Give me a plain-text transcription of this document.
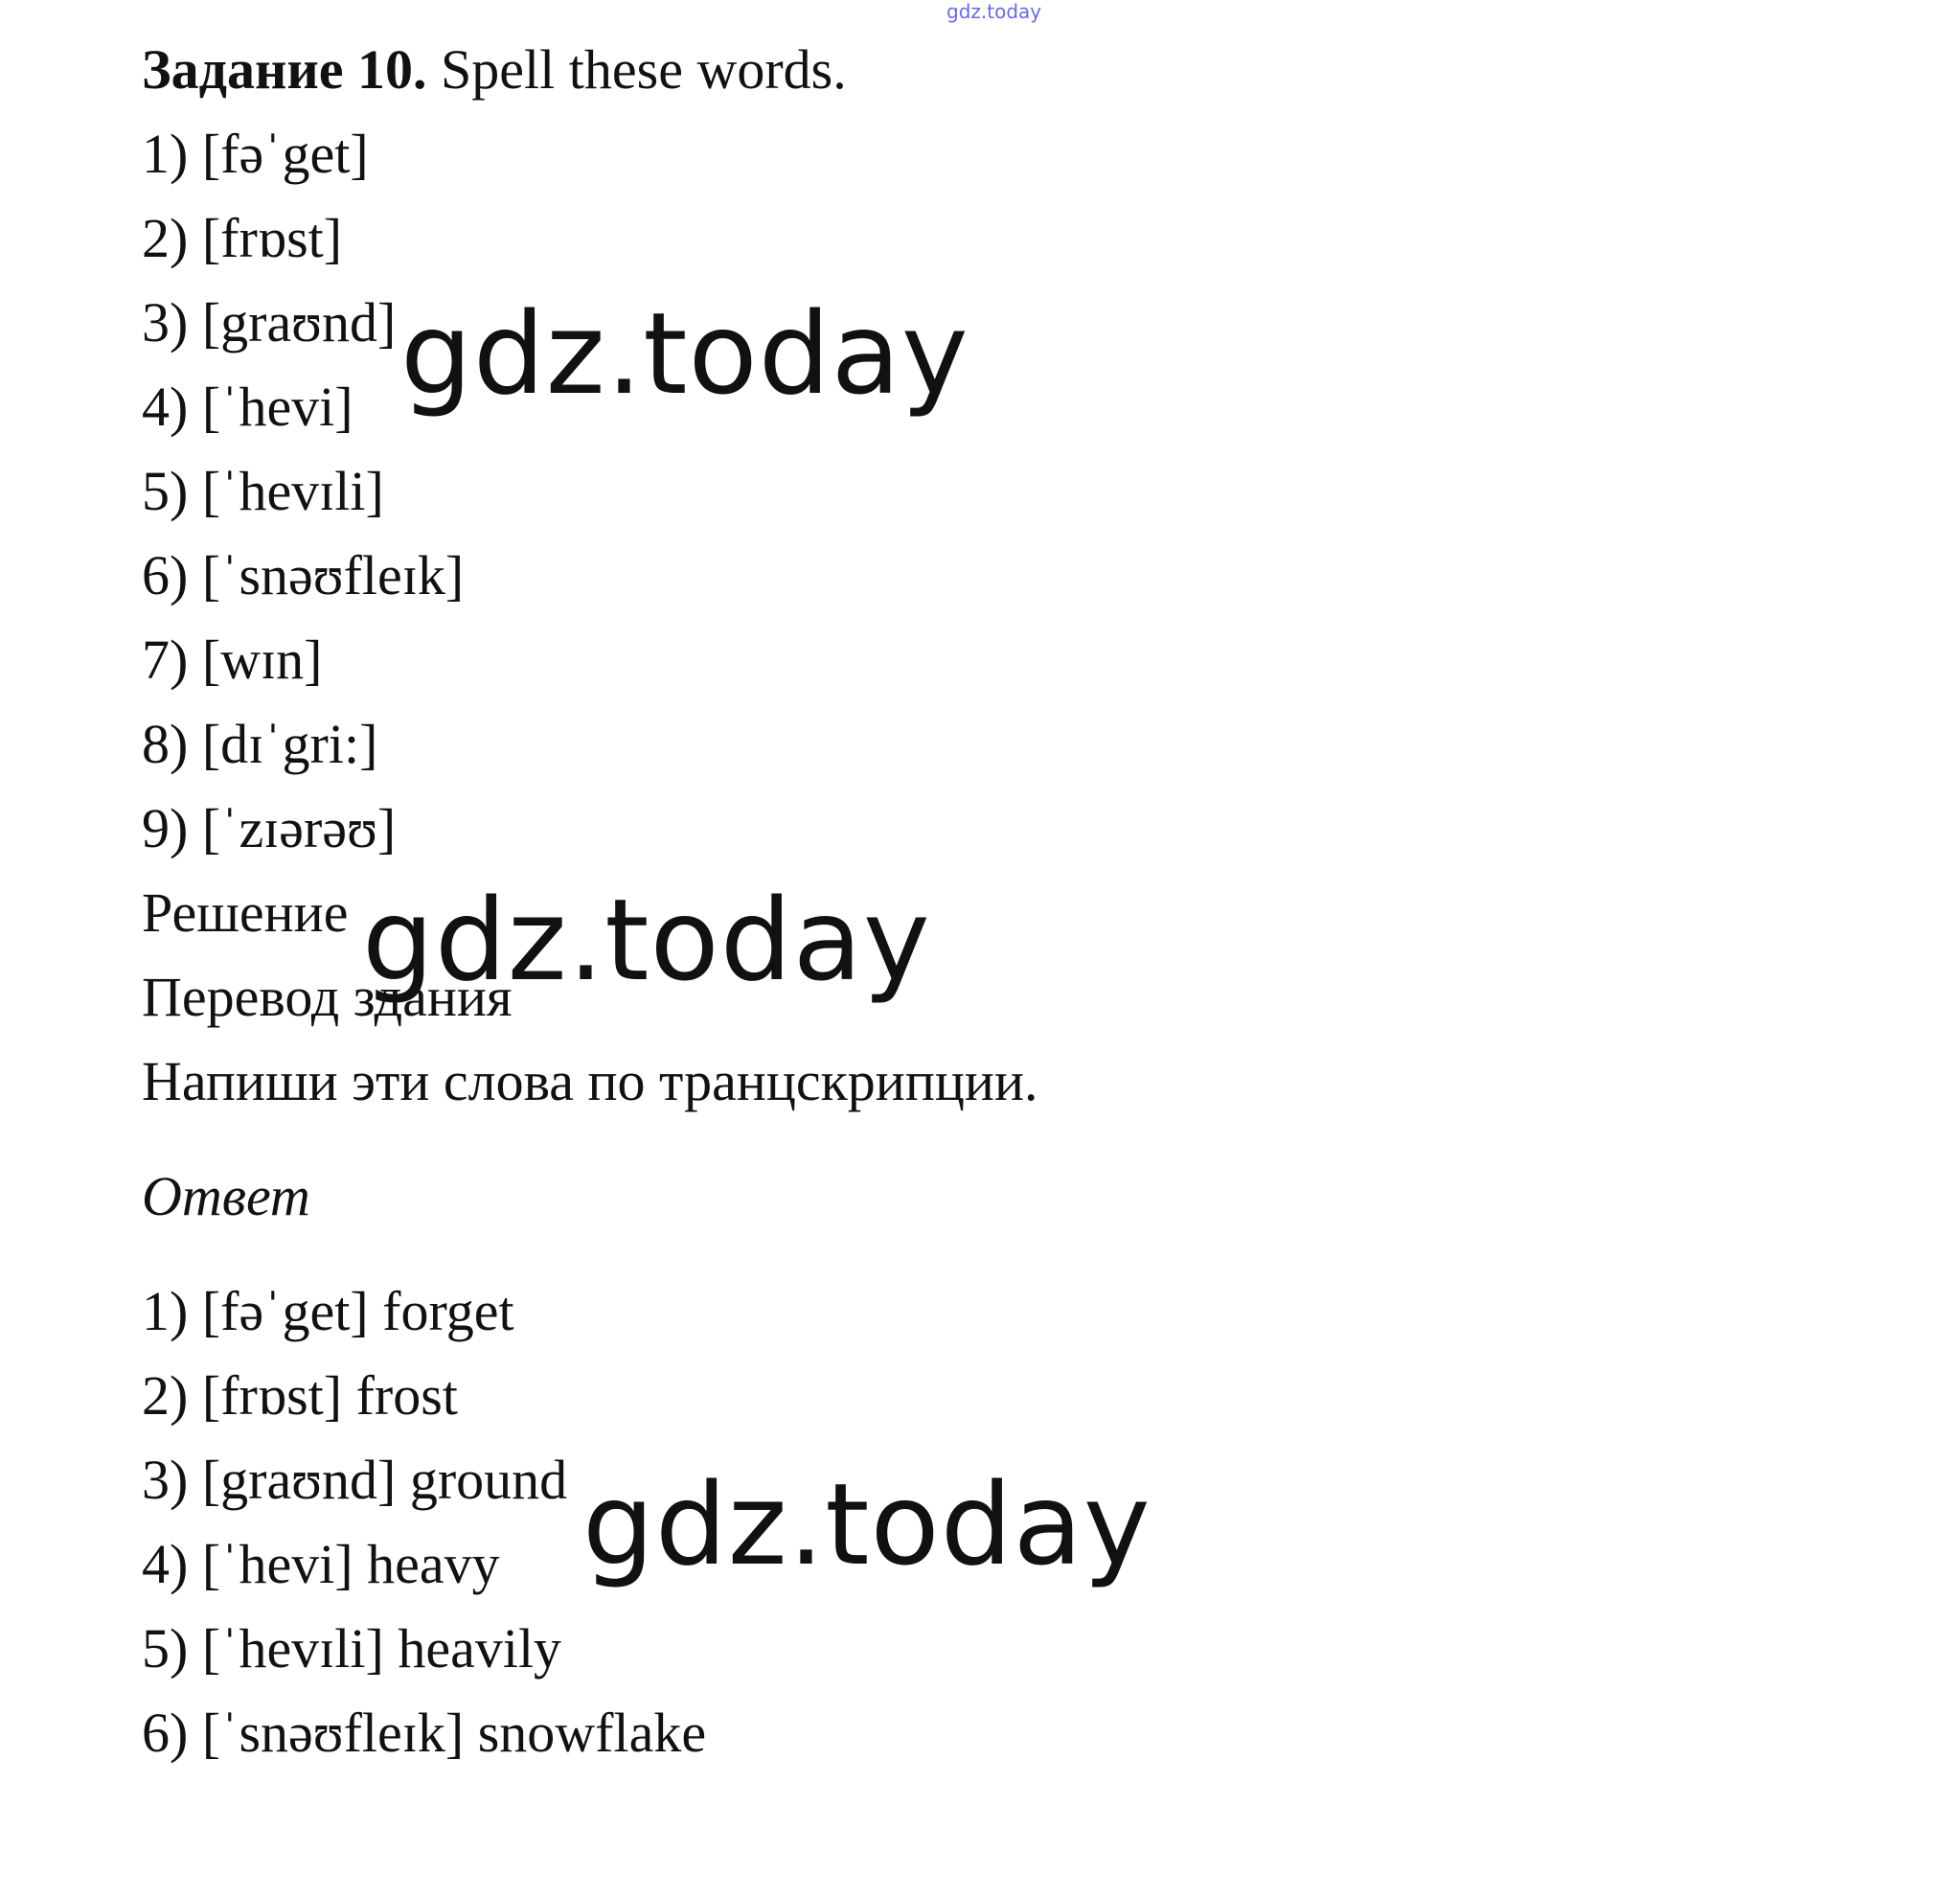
gdz.today
Задание 10. Spell these words.
1) [fəˈget]
2) [frɒst]
3) [graʊnd]
4) [ˈhevi]
5) [ˈhevɪli]
6) [ˈsnəʊfleɪk]
7) [wɪn]
8) [dɪˈgri:]
9) [ˈzɪərəʊ]
Решение
Перевод здания
Напиши эти слова по транцскрипции.
Ответ
1) [fəˈget] forget
2) [frɒst] frost
3) [graʊnd] ground
4) [ˈhevi] heavy
5) [ˈhevɪli] heavily
6) [ˈsnəʊfleɪk] snowflake
gdz.today
gdz.today
gdz.today
